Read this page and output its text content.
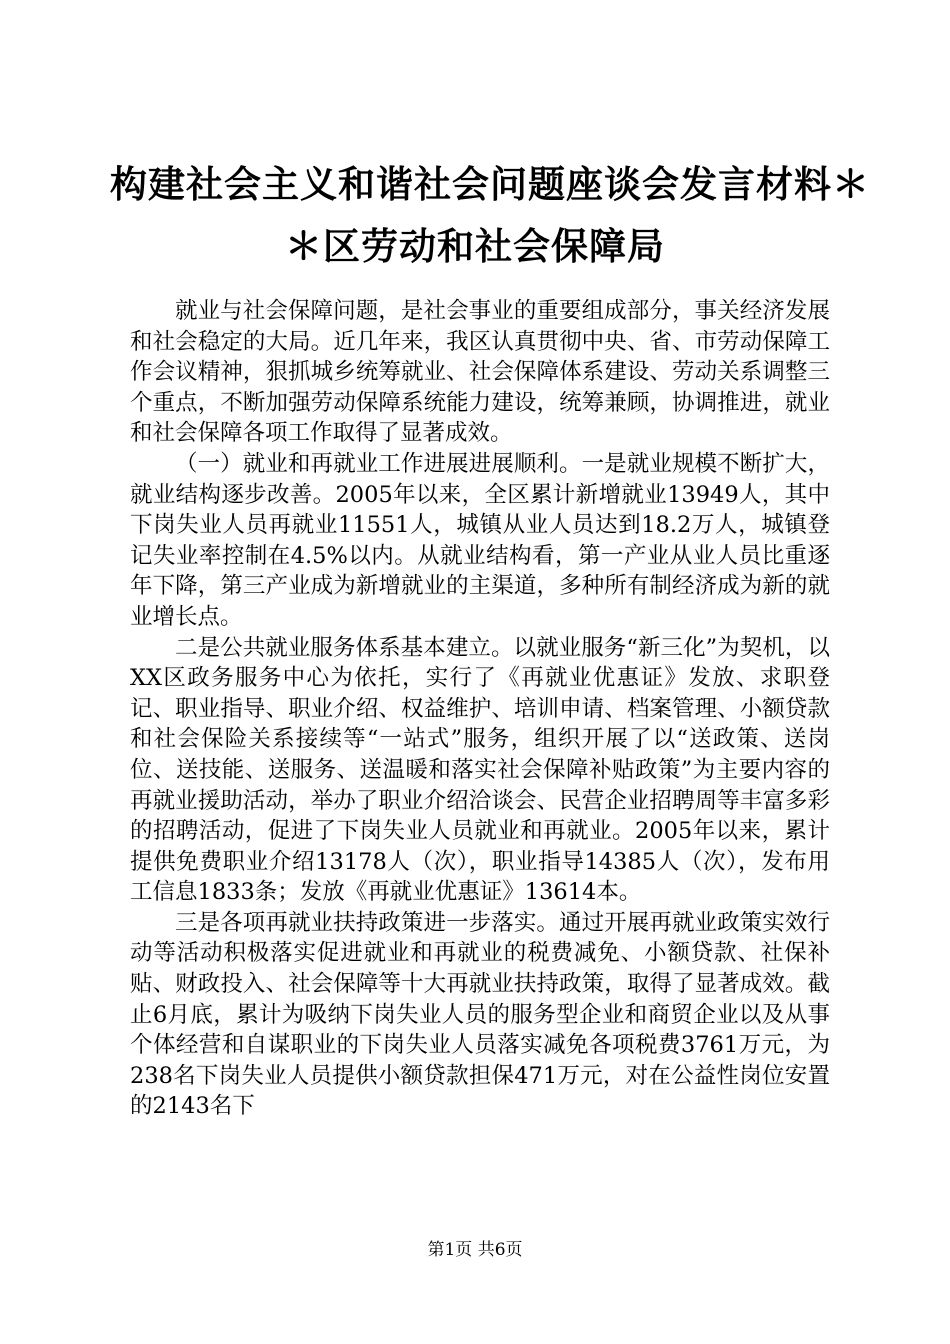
构建社会主义和谐社会问题座谈会发言材料＊
＊区劳动和社会保障局

就业与社会保障问题，是社会事业的重要组成部分，事关经济发展和社会稳定的大局。近几年来，我区认真贯彻中央、省、市劳动保障工作会议精神，狠抓城乡统筹就业、社会保障体系建设、劳动关系调整三个重点，不断加强劳动保障系统能力建设，统筹兼顾，协调推进，就业和社会保障各项工作取得了显著成效。

（一）就业和再就业工作进展进展顺利。一是就业规模不断扩大，就业结构逐步改善。2005年以来，全区累计新增就业13949人，其中下岗失业人员再就业11551人，城镇从业人员达到18.2万人，城镇登记失业率控制在4.5%以内。从就业结构看，第一产业从业人员比重逐年下降，第三产业成为新增就业的主渠道，多种所有制经济成为新的就业增长点。

二是公共就业服务体系基本建立。以就业服务“新三化”为契机，以XX区政务服务中心为依托，实行了《再就业优惠证》发放、求职登记、职业指导、职业介绍、权益维护、培训申请、档案管理、小额贷款和社会保险关系接续等“一站式”服务，组织开展了以“送政策、送岗位、送技能、送服务、送温暖和落实社会保障补贴政策”为主要内容的再就业援助活动，举办了职业介绍洽谈会、民营企业招聘周等丰富多彩的招聘活动，促进了下岗失业人员就业和再就业。2005年以来，累计提供免费职业介绍13178人（次），职业指导14385人（次），发布用工信息1833条；发放《再就业优惠证》13614本。

三是各项再就业扶持政策进一步落实。通过开展再就业政策实效行动等活动积极落实促进就业和再就业的税费减免、小额贷款、社保补贴、财政投入、社会保障等十大再就业扶持政策，取得了显著成效。截止6月底，累计为吸纳下岗失业人员的服务型企业和商贸企业以及从事个体经营和自谋职业的下岗失业人员落实减免各项税费3761万元，为238名下岗失业人员提供小额贷款担保471万元，对在公益性岗位安置的2143名下

第1页 共6页
